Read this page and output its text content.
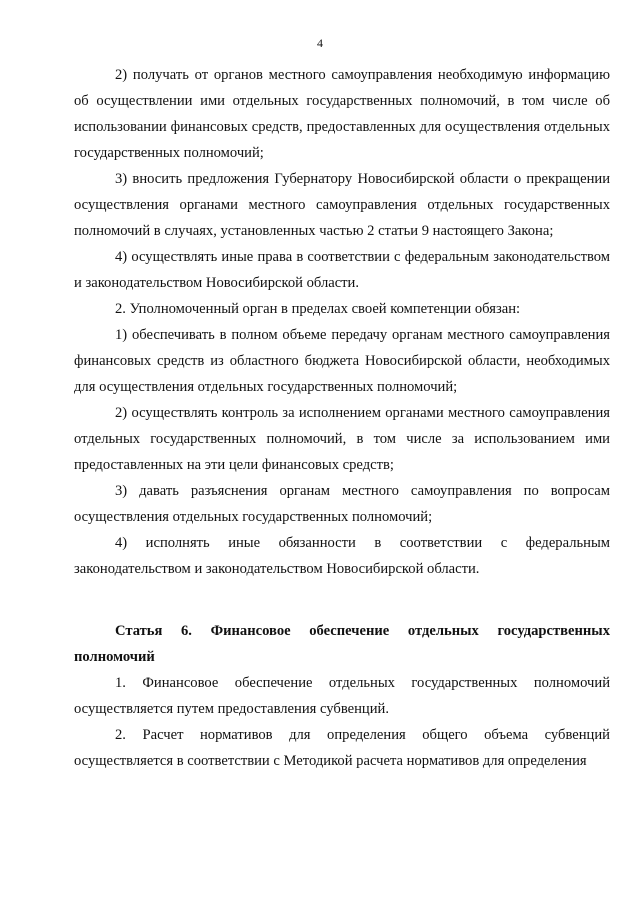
4

2) получать от органов местного самоуправления необходимую информацию об осуществлении ими отдельных государственных полномочий, в том числе об использовании финансовых средств, предоставленных для осуществления отдельных государственных полномочий;

3) вносить предложения Губернатору Новосибирской области о прекращении осуществления органами местного самоуправления отдельных государственных полномочий в случаях, установленных частью 2 статьи 9 настоящего Закона;

4) осуществлять иные права в соответствии с федеральным законодательством и законодательством Новосибирской области.

2. Уполномоченный орган в пределах своей компетенции обязан:

1) обеспечивать в полном объеме передачу органам местного самоуправления финансовых средств из областного бюджета Новосибирской области, необходимых для осуществления отдельных государственных полномочий;

2) осуществлять контроль за исполнением органами местного самоуправления отдельных государственных полномочий, в том числе за использованием ими предоставленных на эти цели финансовых средств;

3) давать разъяснения органам местного самоуправления по вопросам осуществления отдельных государственных полномочий;

4) исполнять иные обязанности в соответствии с федеральным законодательством и законодательством Новосибирской области.

Статья 6. Финансовое обеспечение отдельных государственных полномочий

1. Финансовое обеспечение отдельных государственных полномочий осуществляется путем предоставления субвенций.

2. Расчет нормативов для определения общего объема субвенций осуществляется в соответствии с Методикой расчета нормативов для определения
